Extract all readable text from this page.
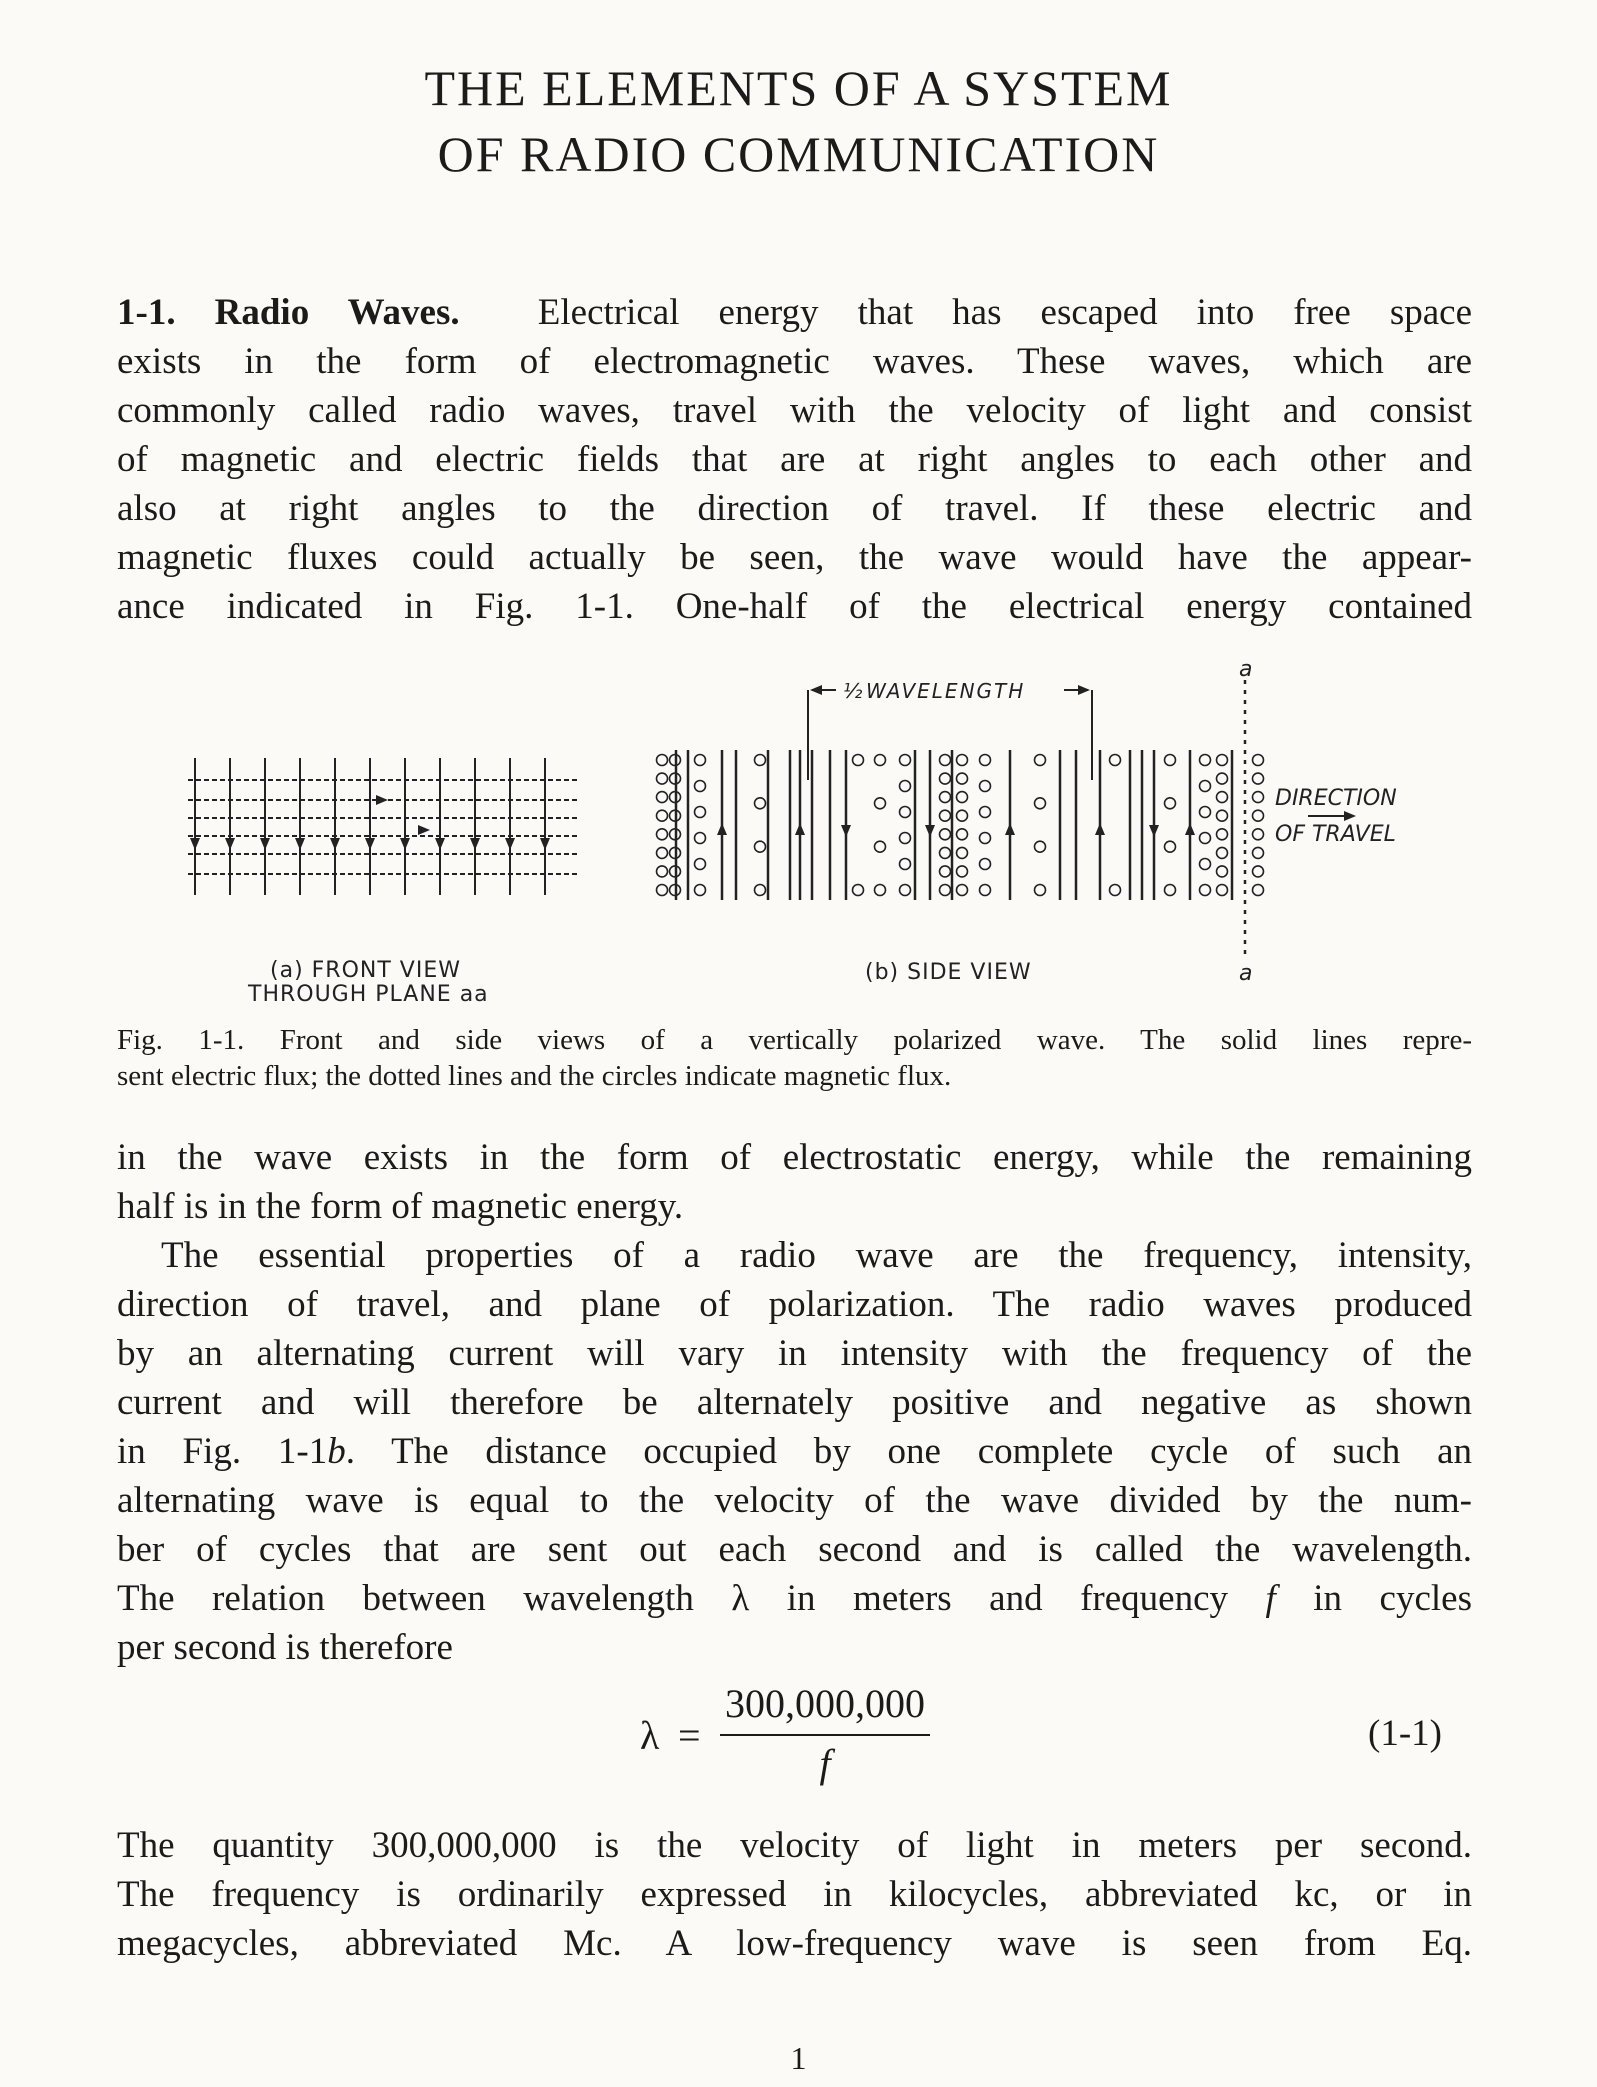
THE ELEMENTS OF A SYSTEM
OF RADIO COMMUNICATION
1-1. Radio Waves. Electrical energy that has escaped into free space
exists in the form of electromagnetic waves. These waves, which are
commonly called radio waves, travel with the velocity of light and consist
of magnetic and electric fields that are at right angles to each other and
also at right angles to the direction of travel. If these electric and
magnetic fluxes could actually be seen, the wave would have the appear-
ance indicated in Fig. 1-1. One-half of the electrical energy contained
½ WAVELENGTH
a
a
DIRECTION
OF TRAVEL
(a) FRONT VIEW
THROUGH PLANE aa
(b) SIDE VIEW
Fig. 1-1. Front and side views of a vertically polarized wave. The solid lines repre-
sent electric flux; the dotted lines and the circles indicate magnetic flux.
in the wave exists in the form of electrostatic energy, while the remaining
half is in the form of magnetic energy.
The essential properties of a radio wave are the frequency, intensity,
direction of travel, and plane of polarization. The radio waves produced
by an alternating current will vary in intensity with the frequency of the
current and will therefore be alternately positive and negative as shown
in Fig. 1-1b. The distance occupied by one complete cycle of such an
alternating wave is equal to the velocity of the wave divided by the num-
ber of cycles that are sent out each second and is called the wavelength.
The relation between wavelength λ in meters and frequency f in cycles
per second is therefore
λ =
300,000,000
f
(1-1)
The quantity 300,000,000 is the velocity of light in meters per second.
The frequency is ordinarily expressed in kilocycles, abbreviated kc, or in
megacycles, abbreviated Mc. A low-frequency wave is seen from Eq.
1
